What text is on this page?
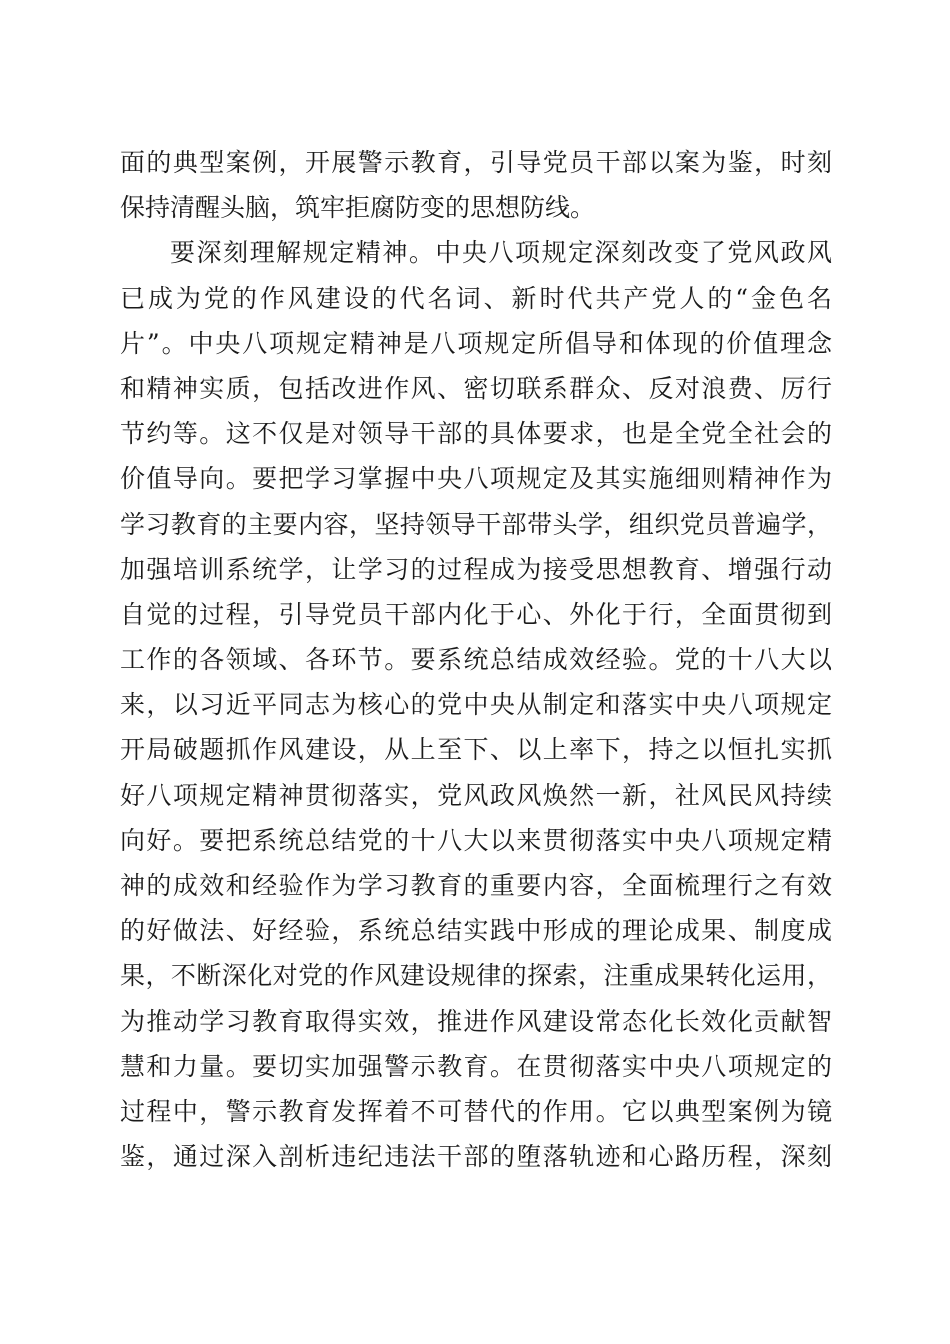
面的典型案例，开展警示教育，引导党员干部以案为鉴，时刻
保持清醒头脑，筑牢拒腐防变的思想防线。
要深刻理解规定精神。中央八项规定深刻改变了党风政风
已成为党的作风建设的代名词、新时代共产党人的“金色名
片”。中央八项规定精神是八项规定所倡导和体现的价值理念
和精神实质，包括改进作风、密切联系群众、反对浪费、厉行
节约等。这不仅是对领导干部的具体要求，也是全党全社会的
价值导向。要把学习掌握中央八项规定及其实施细则精神作为
学习教育的主要内容，坚持领导干部带头学，组织党员普遍学，
加强培训系统学，让学习的过程成为接受思想教育、增强行动
自觉的过程，引导党员干部内化于心、外化于行，全面贯彻到
工作的各领域、各环节。要系统总结成效经验。党的十八大以
来，以习近平同志为核心的党中央从制定和落实中央八项规定
开局破题抓作风建设，从上至下、以上率下，持之以恒扎实抓
好八项规定精神贯彻落实，党风政风焕然一新，社风民风持续
向好。要把系统总结党的十八大以来贯彻落实中央八项规定精
神的成效和经验作为学习教育的重要内容，全面梳理行之有效
的好做法、好经验，系统总结实践中形成的理论成果、制度成
果，不断深化对党的作风建设规律的探索，注重成果转化运用，
为推动学习教育取得实效，推进作风建设常态化长效化贡献智
慧和力量。要切实加强警示教育。在贯彻落实中央八项规定的
过程中，警示教育发挥着不可替代的作用。它以典型案例为镜
鉴，通过深入剖析违纪违法干部的堕落轨迹和心路历程，深刻
